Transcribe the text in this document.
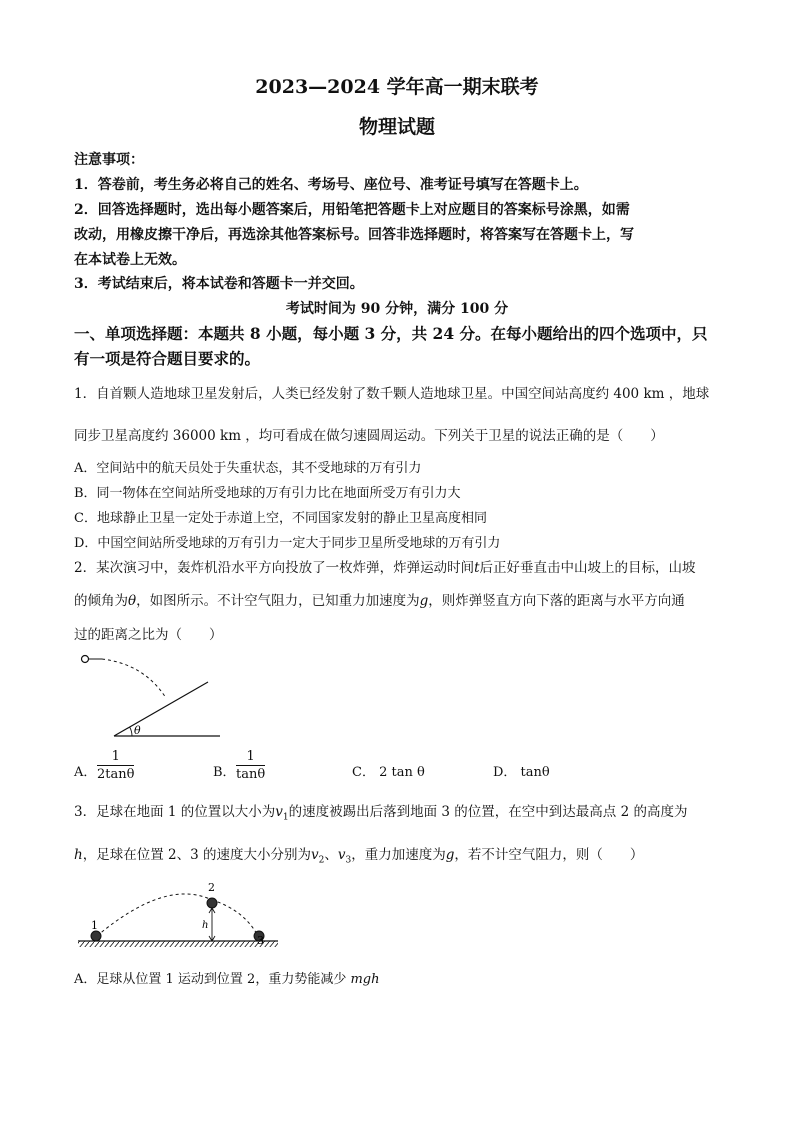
2023—2024 学年高一期末联考
物理试题
注意事项：
1．答卷前，考生务必将自己的姓名、考场号、座位号、准考证号填写在答题卡上。
2．回答选择题时，选出每小题答案后，用铅笔把答题卡上对应题目的答案标号涂黑，如需
改动，用橡皮擦干净后，再选涂其他答案标号。回答非选择题时，将答案写在答题卡上，写
在本试卷上无效。
3．考试结束后，将本试卷和答题卡一并交回。
考试时间为 90 分钟，满分 100 分
一、单项选择题：本题共 8 小题，每小题 3 分，共 24 分。在每小题给出的四个选项中，只
有一项是符合题目要求的。
1．自首颗人造地球卫星发射后，人类已经发射了数千颗人造地球卫星。中国空间站高度约 400 km ，地球
同步卫星高度约 36000 km ，均可看成在做匀速圆周运动。下列关于卫星的说法正确的是（　　）
A．空间站中的航天员处于失重状态，其不受地球的万有引力
B．同一物体在空间站所受地球的万有引力比在地面所受万有引力大
C．地球静止卫星一定处于赤道上空，不同国家发射的静止卫星高度相同
D．中国空间站所受地球的万有引力一定大于同步卫星所受地球的万有引力
2．某次演习中，轰炸机沿水平方向投放了一枚炸弹，炸弹运动时间t后正好垂直击中山坡上的目标，山坡
的倾角为θ，如图所示。不计空气阻力，已知重力加速度为g，则炸弹竖直方向下落的距离与水平方向通
过的距离之比为（　　）
θ
A． $\frac{1}{2\tan\theta}$	B． $\frac{1}{\tan\theta}$	C． 2 tan θ	D． tanθ
3．足球在地面 1 的位置以大小为$v_1$的速度被踢出后落到地面 3 的位置，在空中到达最高点 2 的高度为
h，足球在位置 2、3 的速度大小分别为$v_2$、$v_3$，重力加速度为g，若不计空气阻力，则（　　）
1
2
3
h
A．足球从位置 1 运动到位置 2，重力势能减少 mgh
